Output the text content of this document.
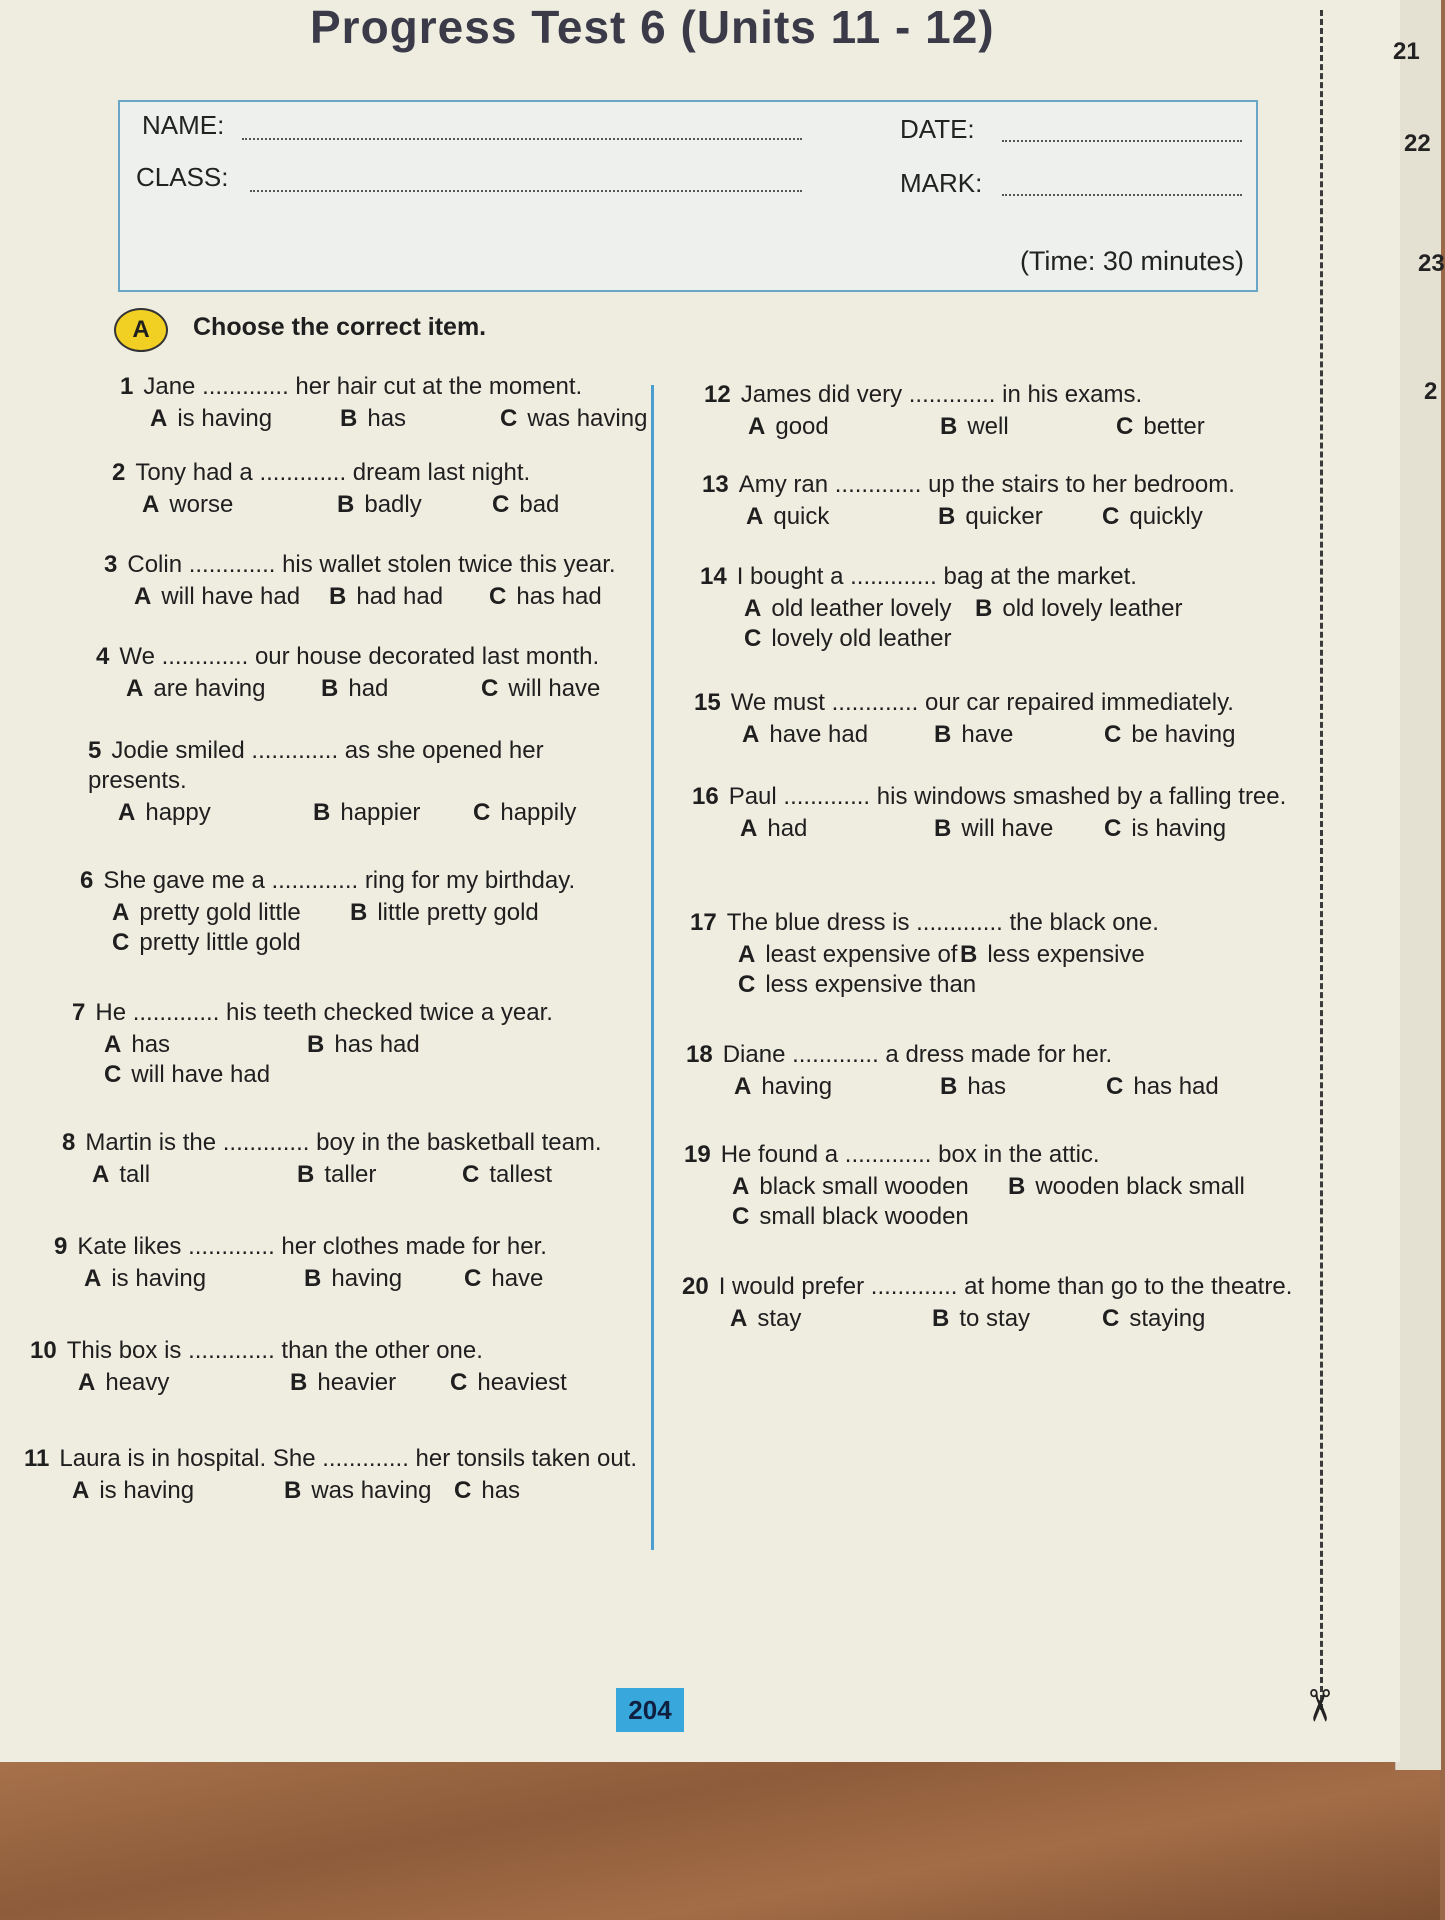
✂
21
22
23
2
Progress Test 6 (Units 11 - 12)
NAME:	DATE:
CLASS:	MARK:
(Time: 30 minutes)
A	Choose the correct item.
1 Jane ............. her hair cut at the moment.
A is having	B has	C was having
2 Tony had a ............. dream last night.
A worse	B badly	C bad
3 Colin ............. his wallet stolen twice this year.
A will have had B had had C has had
4 We ............. our house decorated last month.
A are having B had	C will have
5 Jodie smiled ............. as she opened her presents.
A happy	B happier C happily
6 She gave me a ............. ring for my birthday.
A pretty gold little B little pretty gold
C pretty little gold
7 He ............. his teeth checked twice a year.
A has	B has had
C will have had
8 Martin is the ............. boy in the basketball team.
A tall	B taller	C tallest
9 Kate likes ............. her clothes made for her.
A is having	B having	C have
10 This box is ............. than the other one.
A heavy	B heavier C heaviest
11 Laura is in hospital. She ............. her tonsils taken out.
A is having	B was having C has
12 James did very ............. in his exams.
A good	B well	C better
13 Amy ran ............. up the stairs to her bedroom.
A quick	B quicker C quickly
14 I bought a ............. bag at the market.
A old leather lovely B old lovely leather
C lovely old leather
15 We must ............. our car repaired immediately.
A have had	B have	C be having
16 Paul ............. his windows smashed by a falling tree.
A had	B will have C is having
17 The blue dress is ............. the black one.
A least expensive of B less expensive
C less expensive than
18 Diane ............. a dress made for her.
A having	B has	C has had
19 He found a ............. box in the attic.
A black small wooden B wooden black small
C small black wooden
20 I would prefer ............. at home than go to the theatre.
A stay	B to stay	C staying
204
